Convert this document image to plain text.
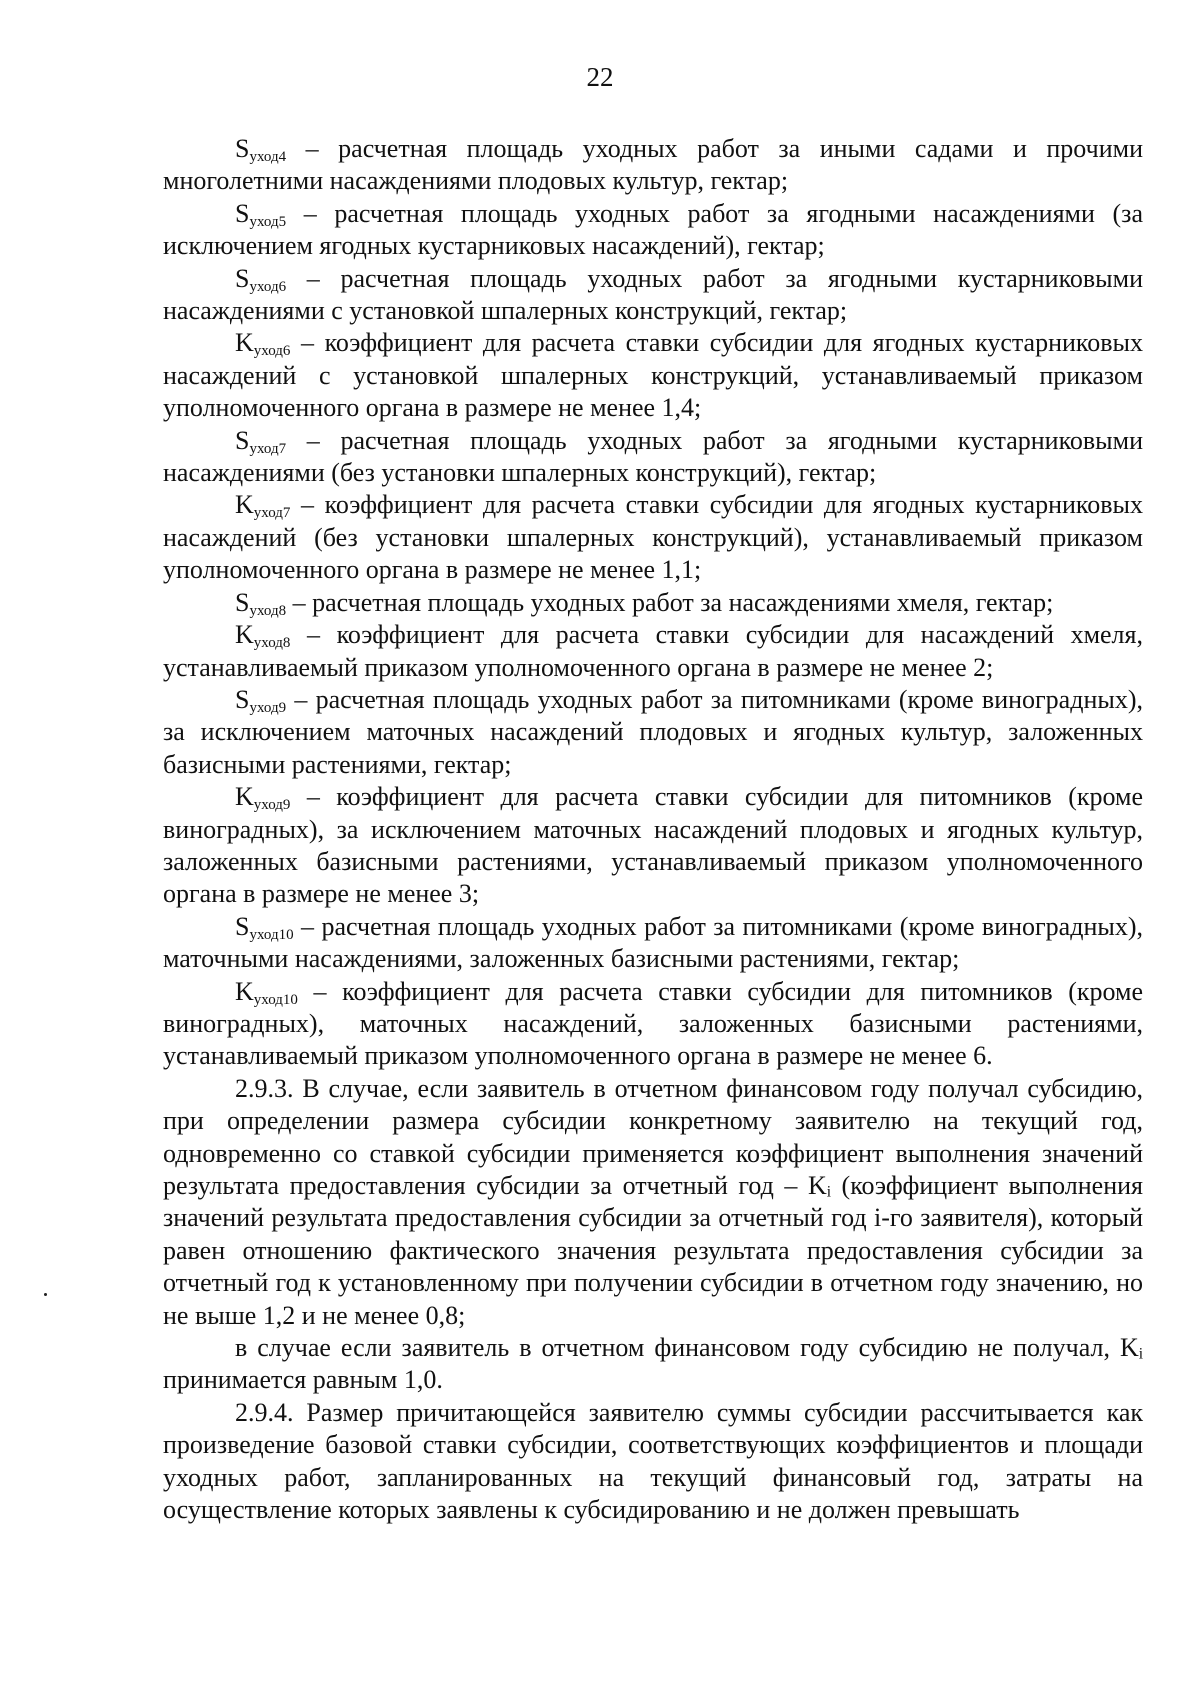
22

$S_{уход4}$ – расчетная площадь уходных работ за иными садами и прочими многолетними насаждениями плодовых культур, гектар;

$S_{уход5}$ – расчетная площадь уходных работ за ягодными насаждениями (за исключением ягодных кустарниковых насаждений), гектар;

$S_{уход6}$ – расчетная площадь уходных работ за ягодными кустарниковыми насаждениями с установкой шпалерных конструкций, гектар;

$K_{уход6}$ – коэффициент для расчета ставки субсидии для ягодных кустарниковых насаждений с установкой шпалерных конструкций, устанавливаемый приказом уполномоченного органа в размере не менее 1,4;

$S_{уход7}$ – расчетная площадь уходных работ за ягодными кустарниковыми насаждениями (без установки шпалерных конструкций), гектар;

$K_{уход7}$ – коэффициент для расчета ставки субсидии для ягодных кустарниковых насаждений (без установки шпалерных конструкций), устанавливаемый приказом уполномоченного органа в размере не менее 1,1;

$S_{уход8}$ – расчетная площадь уходных работ за насаждениями хмеля, гектар;

$K_{уход8}$ – коэффициент для расчета ставки субсидии для насаждений хмеля, устанавливаемый приказом уполномоченного органа в размере не менее 2;

$S_{уход9}$ – расчетная площадь уходных работ за питомниками (кроме виноградных), за исключением маточных насаждений плодовых и ягодных культур, заложенных базисными растениями, гектар;

$K_{уход9}$ – коэффициент для расчета ставки субсидии для питомников (кроме виноградных), за исключением маточных насаждений плодовых и ягодных культур, заложенных базисными растениями, устанавливаемый приказом уполномоченного органа в размере не менее 3;

$S_{уход10}$ – расчетная площадь уходных работ за питомниками (кроме виноградных), маточными насаждениями, заложенных базисными растениями, гектар;

$K_{уход10}$ – коэффициент для расчета ставки субсидии для питомников (кроме виноградных), маточных насаждений, заложенных базисными растениями, устанавливаемый приказом уполномоченного органа в размере не менее 6.

2.9.3. В случае, если заявитель в отчетном финансовом году получал субсидию, при определении размера субсидии конкретному заявителю на текущий год, одновременно со ставкой субсидии применяется коэффициент выполнения значений результата предоставления субсидии за отчетный год – Kᵢ (коэффициент выполнения значений результата предоставления субсидии за отчетный год i-го заявителя), который равен отношению фактического значения результата предоставления субсидии за отчетный год к установленному при получении субсидии в отчетном году значению, но не выше 1,2 и не менее 0,8;

в случае если заявитель в отчетном финансовом году субсидию не получал, Kᵢ принимается равным 1,0.

2.9.4. Размер причитающейся заявителю суммы субсидии рассчитывается как произведение базовой ставки субсидии, соответствующих коэффициентов и площади уходных работ, запланированных на текущий финансовый год, затраты на осуществление которых заявлены к субсидированию и не должен превышать
